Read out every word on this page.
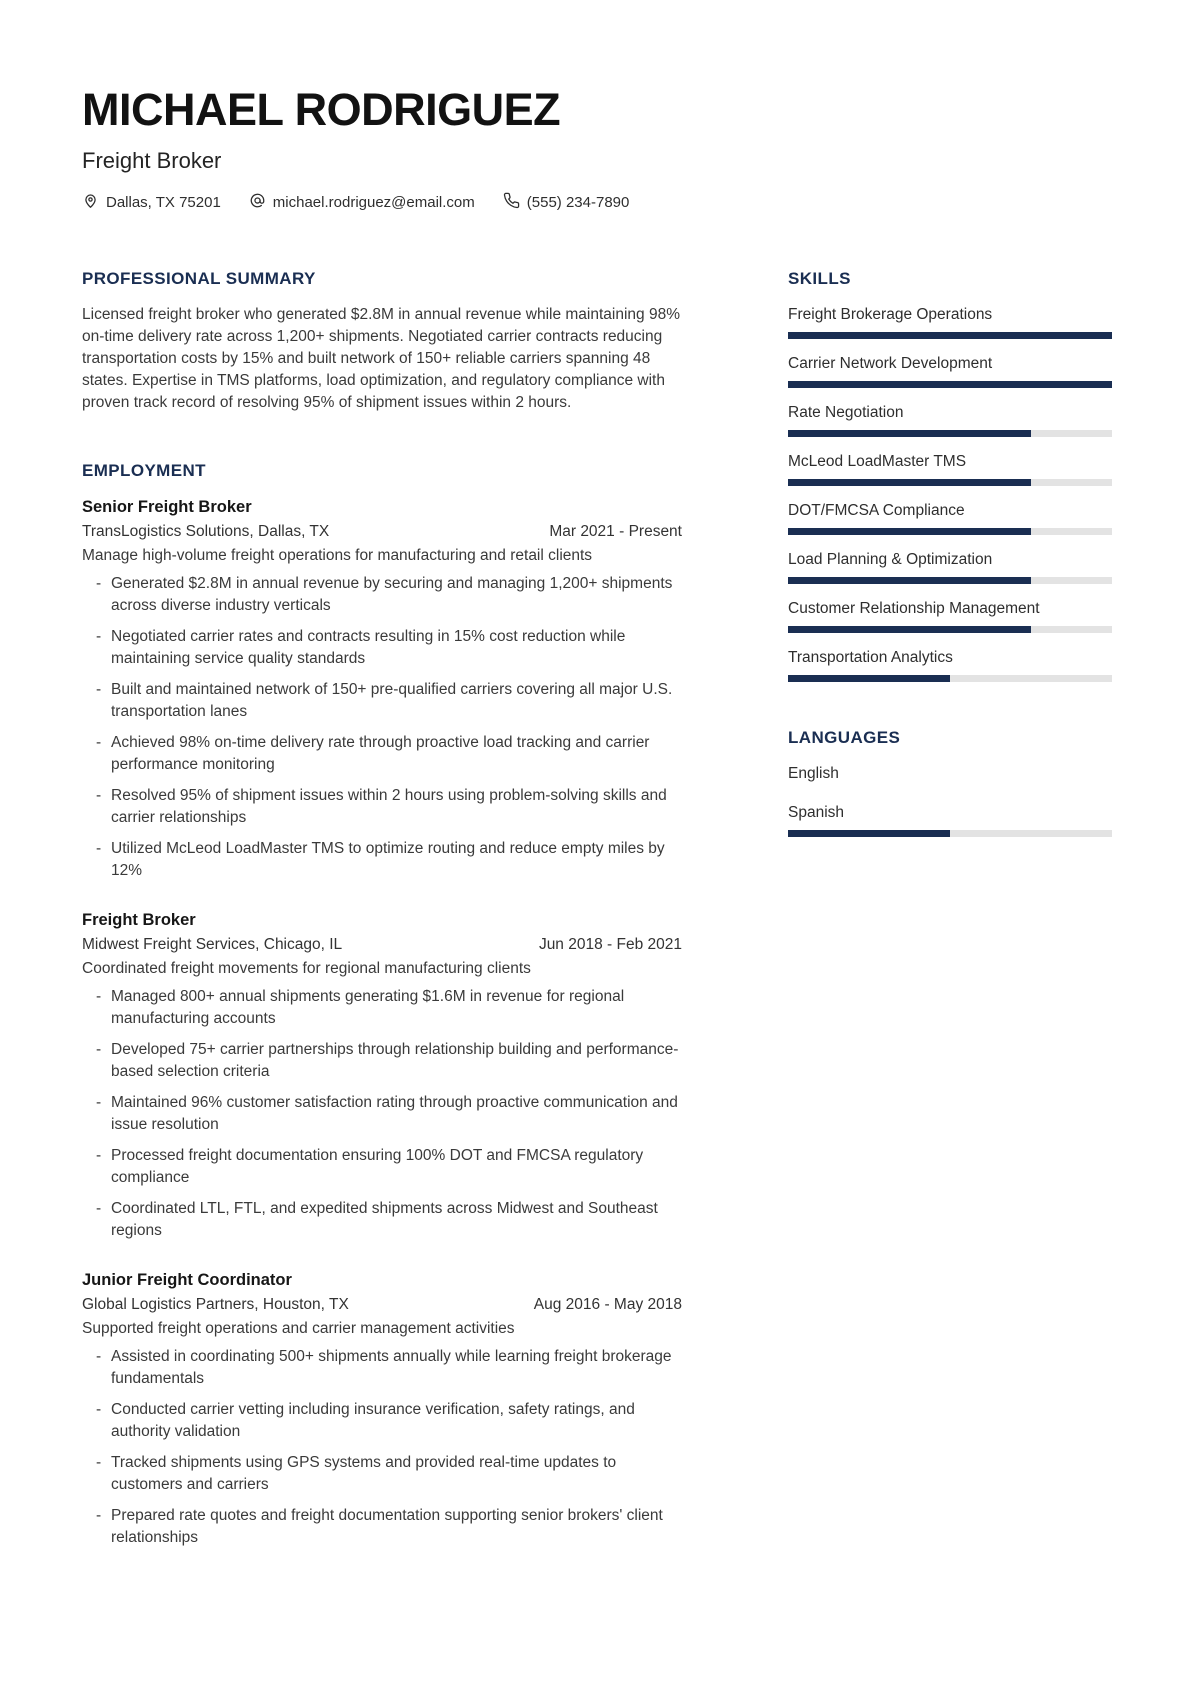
MICHAEL RODRIGUEZ
Freight Broker
Dallas, TX 75201	michael.rodriguez@email.com	(555) 234-7890
PROFESSIONAL SUMMARY

Licensed freight broker who generated $2.8M in annual revenue while maintaining 98% on-time delivery rate across 1,200+ shipments. Negotiated carrier contracts reducing transportation costs by 15% and built network of 150+ reliable carriers spanning 48 states. Expertise in TMS platforms, load optimization, and regulatory compliance with proven track record of resolving 95% of shipment issues within 2 hours.

EMPLOYMENT
Senior Freight Broker
TransLogistics Solutions, Dallas, TX	Mar 2021 - Present
Manage high-volume freight operations for manufacturing and retail clients
- Generated $2.8M in annual revenue by securing and managing 1,200+ shipments across diverse industry verticals
- Negotiated carrier rates and contracts resulting in 15% cost reduction while maintaining service quality standards
- Built and maintained network of 150+ pre-qualified carriers covering all major U.S. transportation lanes
- Achieved 98% on-time delivery rate through proactive load tracking and carrier performance monitoring
- Resolved 95% of shipment issues within 2 hours using problem-solving skills and carrier relationships
- Utilized McLeod LoadMaster TMS to optimize routing and reduce empty miles by 12%
Freight Broker
Midwest Freight Services, Chicago, IL	Jun 2018 - Feb 2021
Coordinated freight movements for regional manufacturing clients
- Managed 800+ annual shipments generating $1.6M in revenue for regional manufacturing accounts
- Developed 75+ carrier partnerships through relationship building and performance-based selection criteria
- Maintained 96% customer satisfaction rating through proactive communication and issue resolution
- Processed freight documentation ensuring 100% DOT and FMCSA regulatory compliance
- Coordinated LTL, FTL, and expedited shipments across Midwest and Southeast regions
Junior Freight Coordinator
Global Logistics Partners, Houston, TX	Aug 2016 - May 2018
Supported freight operations and carrier management activities
- Assisted in coordinating 500+ shipments annually while learning freight brokerage fundamentals
- Conducted carrier vetting including insurance verification, safety ratings, and authority validation
- Tracked shipments using GPS systems and provided real-time updates to customers and carriers
- Prepared rate quotes and freight documentation supporting senior brokers' client relationships
SKILLS
Freight Brokerage Operations
Carrier Network Development
Rate Negotiation
McLeod LoadMaster TMS
DOT/FMCSA Compliance
Load Planning & Optimization
Customer Relationship Management
Transportation Analytics
LANGUAGES
English
Spanish
